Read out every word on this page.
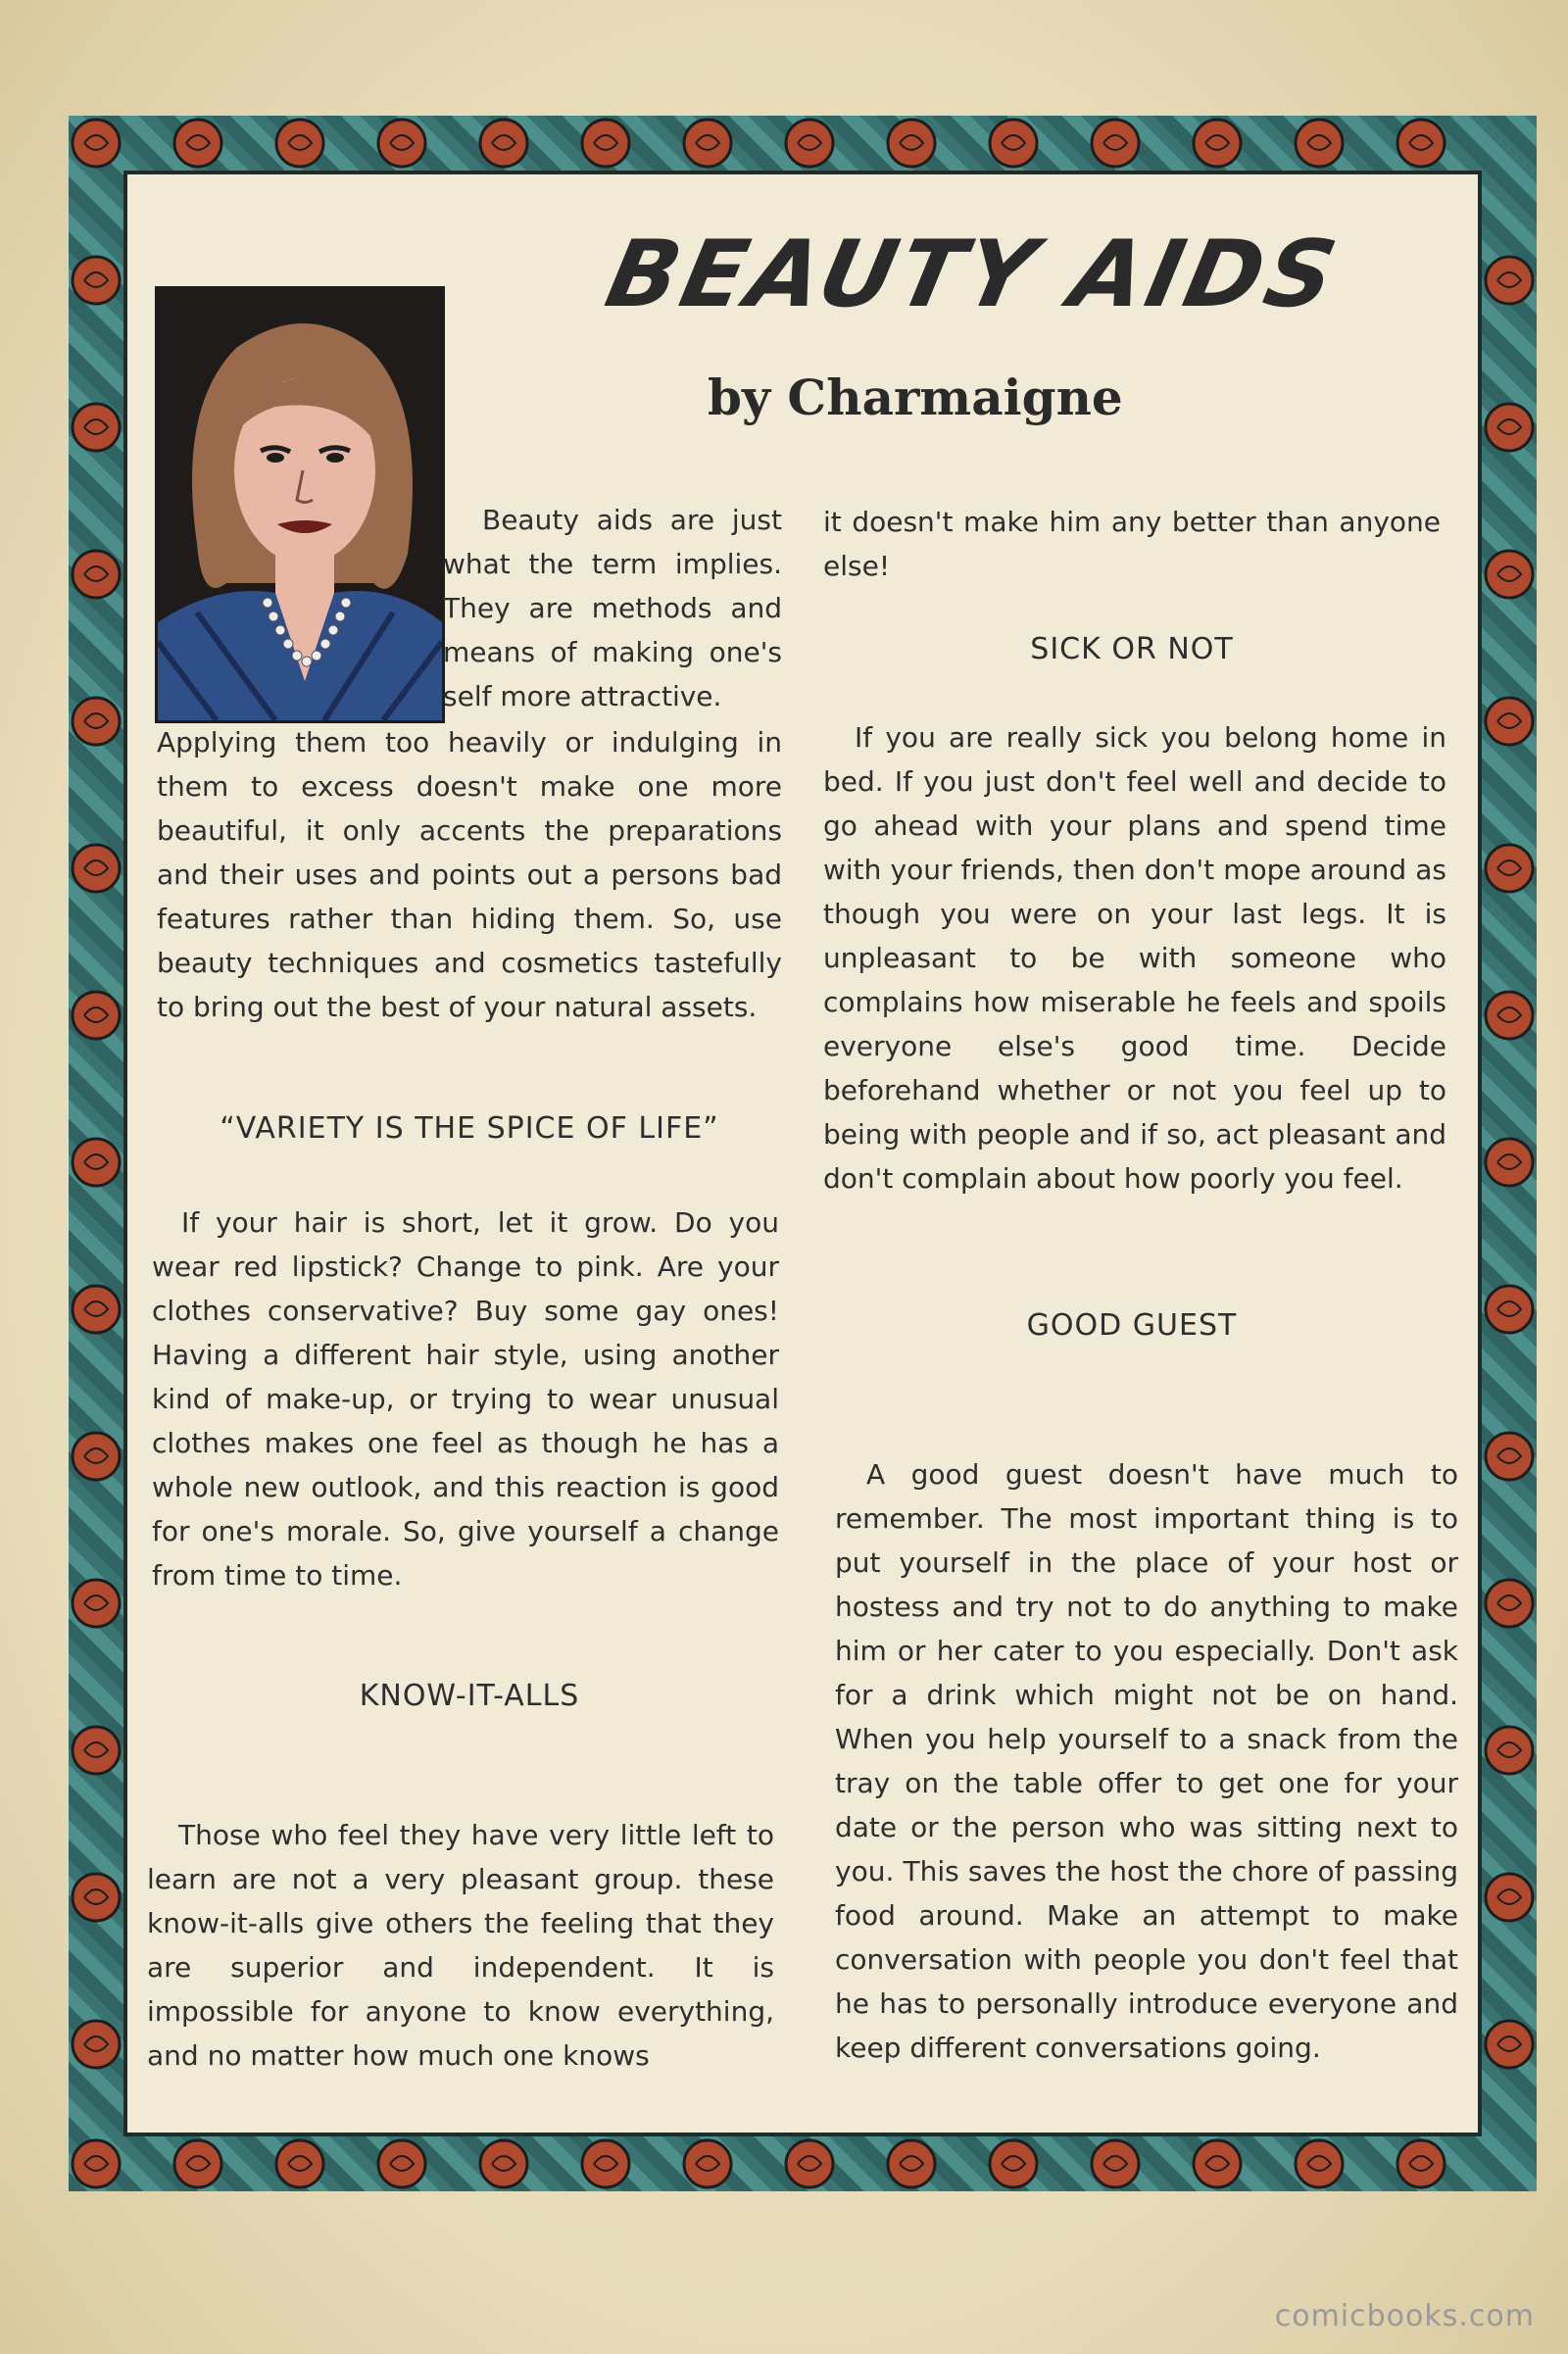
BEAUTY AIDS
by Charmaigne

Beauty aids are just what the term implies. They are methods and means of making one's self more attractive.

Applying them too heavily or indulging in them to excess doesn't make one more beautiful, it only accents the preparations and their uses and points out a persons bad features rather than hiding them. So, use beauty techniques and cosmetics tastefully to bring out the best of your natural assets.

“VARIETY IS THE SPICE OF LIFE”

If your hair is short, let it grow. Do you wear red lipstick? Change to pink. Are your clothes conservative? Buy some gay ones! Having a different hair style, using another kind of make-up, or trying to wear unusual clothes makes one feel as though he has a whole new outlook, and this reaction is good for one's morale. So, give yourself a change from time to time.

KNOW-IT-ALLS

Those who feel they have very little left to learn are not a very pleasant group. these know-it-alls give others the feeling that they are superior and independent. It is impossible for anyone to know everything, and no matter how much one knows

it doesn't make him any better than anyone else!

SICK OR NOT

If you are really sick you belong home in bed. If you just don't feel well and decide to go ahead with your plans and spend time with your friends, then don't mope around as though you were on your last legs. It is unpleasant to be with someone who complains how miserable he feels and spoils everyone else's good time. Decide beforehand whether or not you feel up to being with people and if so, act pleasant and don't complain about how poorly you feel.

GOOD GUEST

A good guest doesn't have much to remember. The most important thing is to put yourself in the place of your host or hostess and try not to do anything to make him or her cater to you especially. Don't ask for a drink which might not be on hand. When you help yourself to a snack from the tray on the table offer to get one for your date or the person who was sitting next to you. This saves the host the chore of passing food around. Make an attempt to make conversation with people you don't feel that he has to personally introduce everyone and keep different conversations going.

comicbooks.com
